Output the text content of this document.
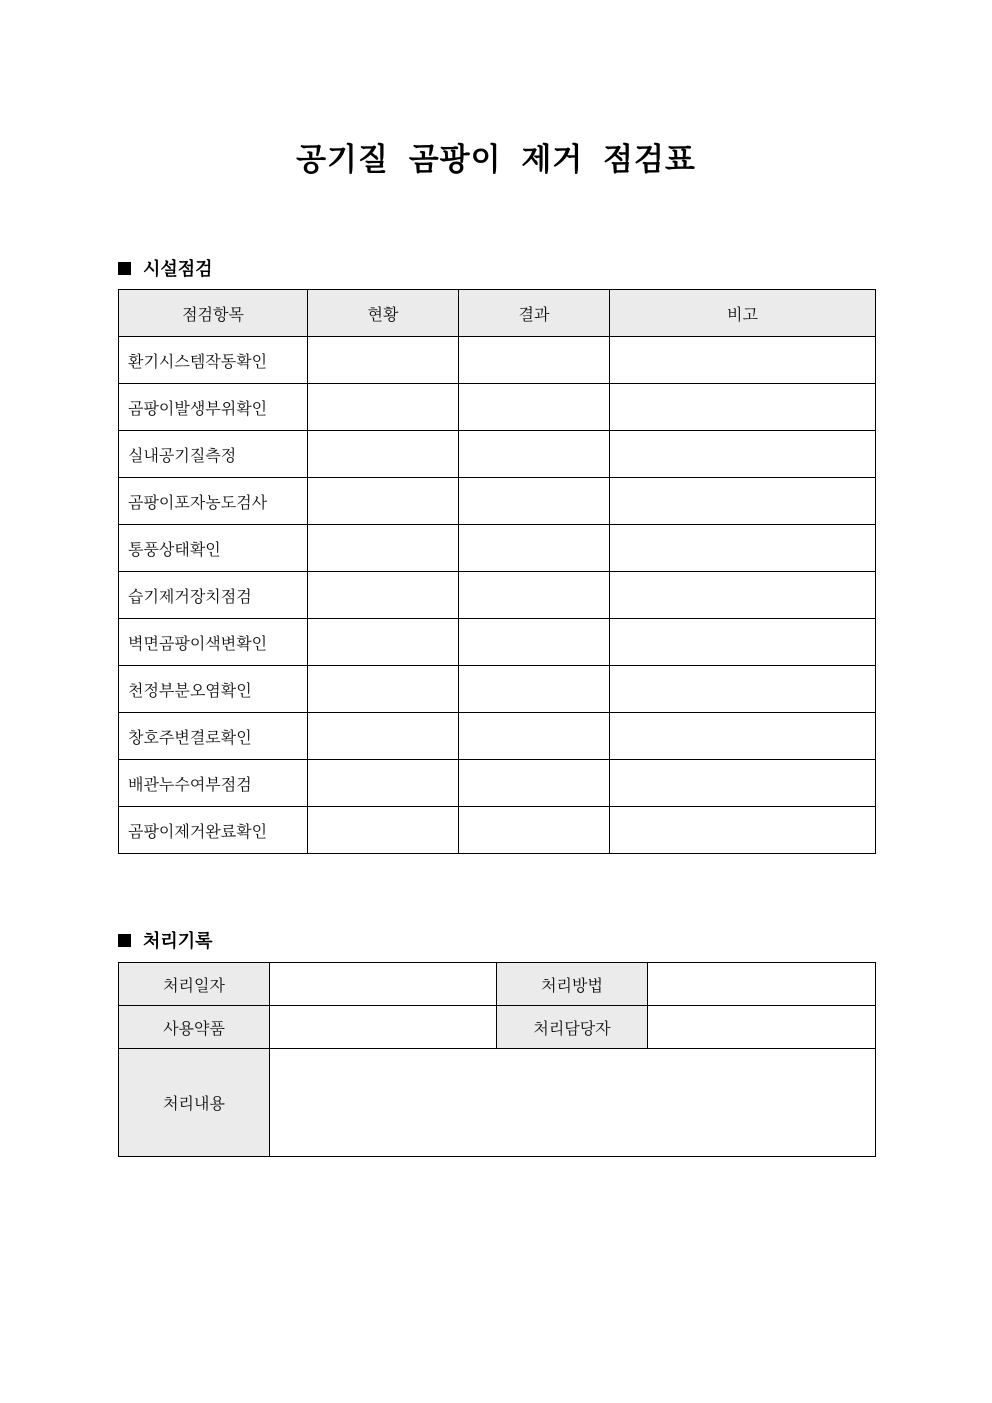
공기질 곰팡이 제거 점검표
시설점검
점검항목	현황	결과	비고
환기시스템작동확인			
곰팡이발생부위확인			
실내공기질측정			
곰팡이포자농도검사			
통풍상태확인			
습기제거장치점검			
벽면곰팡이색변확인			
천정부분오염확인			
창호주변결로확인			
배관누수여부점검			
곰팡이제거완료확인			
처리기록
처리일자		처리방법	
사용약품		처리담당자	
처리내용			
